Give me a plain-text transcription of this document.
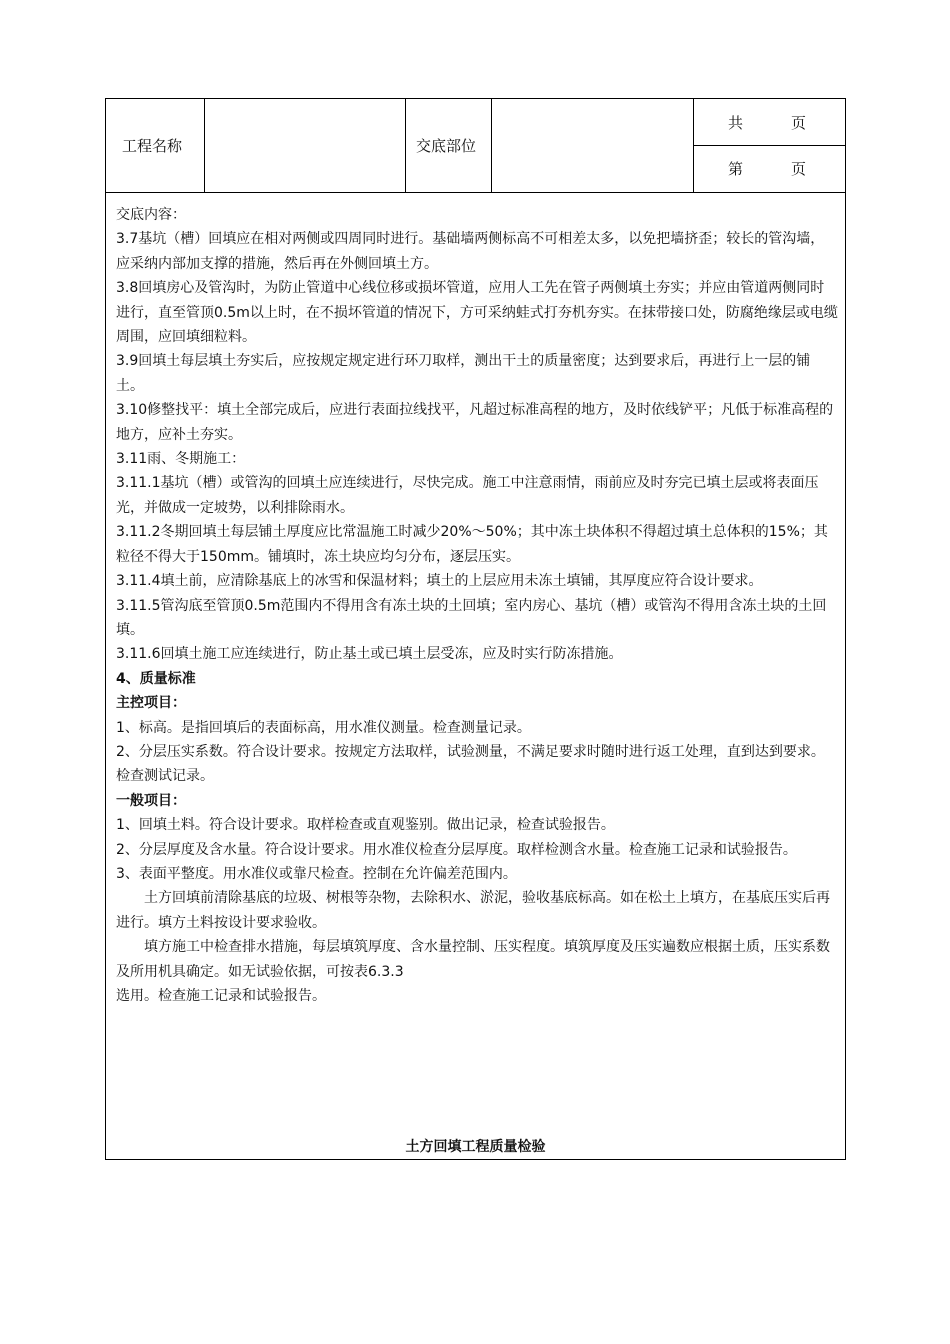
工程名称	交底部位
共	页
第	页

交底内容：

3.7基坑（槽）回填应在相对两侧或四周同时进行。基础墙两侧标高不可相差太多，以免把墙挤歪；较长的管沟墙，应采纳内部加支撑的措施，然后再在外侧回填土方。

3.8回填房心及管沟时，为防止管道中心线位移或损坏管道，应用人工先在管子两侧填土夯实；并应由管道两侧同时进行，直至管顶0.5m以上时，在不损坏管道的情况下，方可采纳蛙式打夯机夯实。在抹带接口处，防腐绝缘层或电缆周围，应回填细粒料。

3.9回填土每层填土夯实后，应按规定规定进行环刀取样，测出干土的质量密度；达到要求后，再进行上一层的铺土。

3.10修整找平：填土全部完成后，应进行表面拉线找平，凡超过标准高程的地方，及时依线铲平；凡低于标准高程的地方，应补土夯实。

3.11雨、冬期施工：

3.11.1基坑（槽）或管沟的回填土应连续进行，尽快完成。施工中注意雨情，雨前应及时夯完已填土层或将表面压光，并做成一定坡势，以利排除雨水。

3.11.2冬期回填土每层铺土厚度应比常温施工时减少20%～50%；其中冻土块体积不得超过填土总体积的15%；其粒径不得大于150mm。铺填时，冻土块应均匀分布，逐层压实。

3.11.4填土前，应清除基底上的冰雪和保温材料；填土的上层应用未冻土填铺，其厚度应符合设计要求。

3.11.5管沟底至管顶0.5m范围内不得用含有冻土块的土回填；室内房心、基坑（槽）或管沟不得用含冻土块的土回填。

3.11.6回填土施工应连续进行，防止基土或已填土层受冻，应及时实行防冻措施。

4、质量标准

主控项目：

1、标高。是指回填后的表面标高，用水准仪测量。检查测量记录。

2、分层压实系数。符合设计要求。按规定方法取样，试验测量，不满足要求时随时进行返工处理，直到达到要求。检查测试记录。

一般项目：

1、回填土料。符合设计要求。取样检查或直观鉴别。做出记录，检查试验报告。

2、分层厚度及含水量。符合设计要求。用水准仪检查分层厚度。取样检测含水量。检查施工记录和试验报告。

3、表面平整度。用水准仪或靠尺检查。控制在允许偏差范围内。

土方回填前清除基底的垃圾、树根等杂物，去除积水、淤泥，验收基底标高。如在松土上填方，在基底压实后再进行。填方土料按设计要求验收。

填方施工中检查排水措施，每层填筑厚度、含水量控制、压实程度。填筑厚度及压实遍数应根据土质，压实系数及所用机具确定。如无试验依据，可按表6.3.3

选用。检查施工记录和试验报告。

土方回填工程质量检验
